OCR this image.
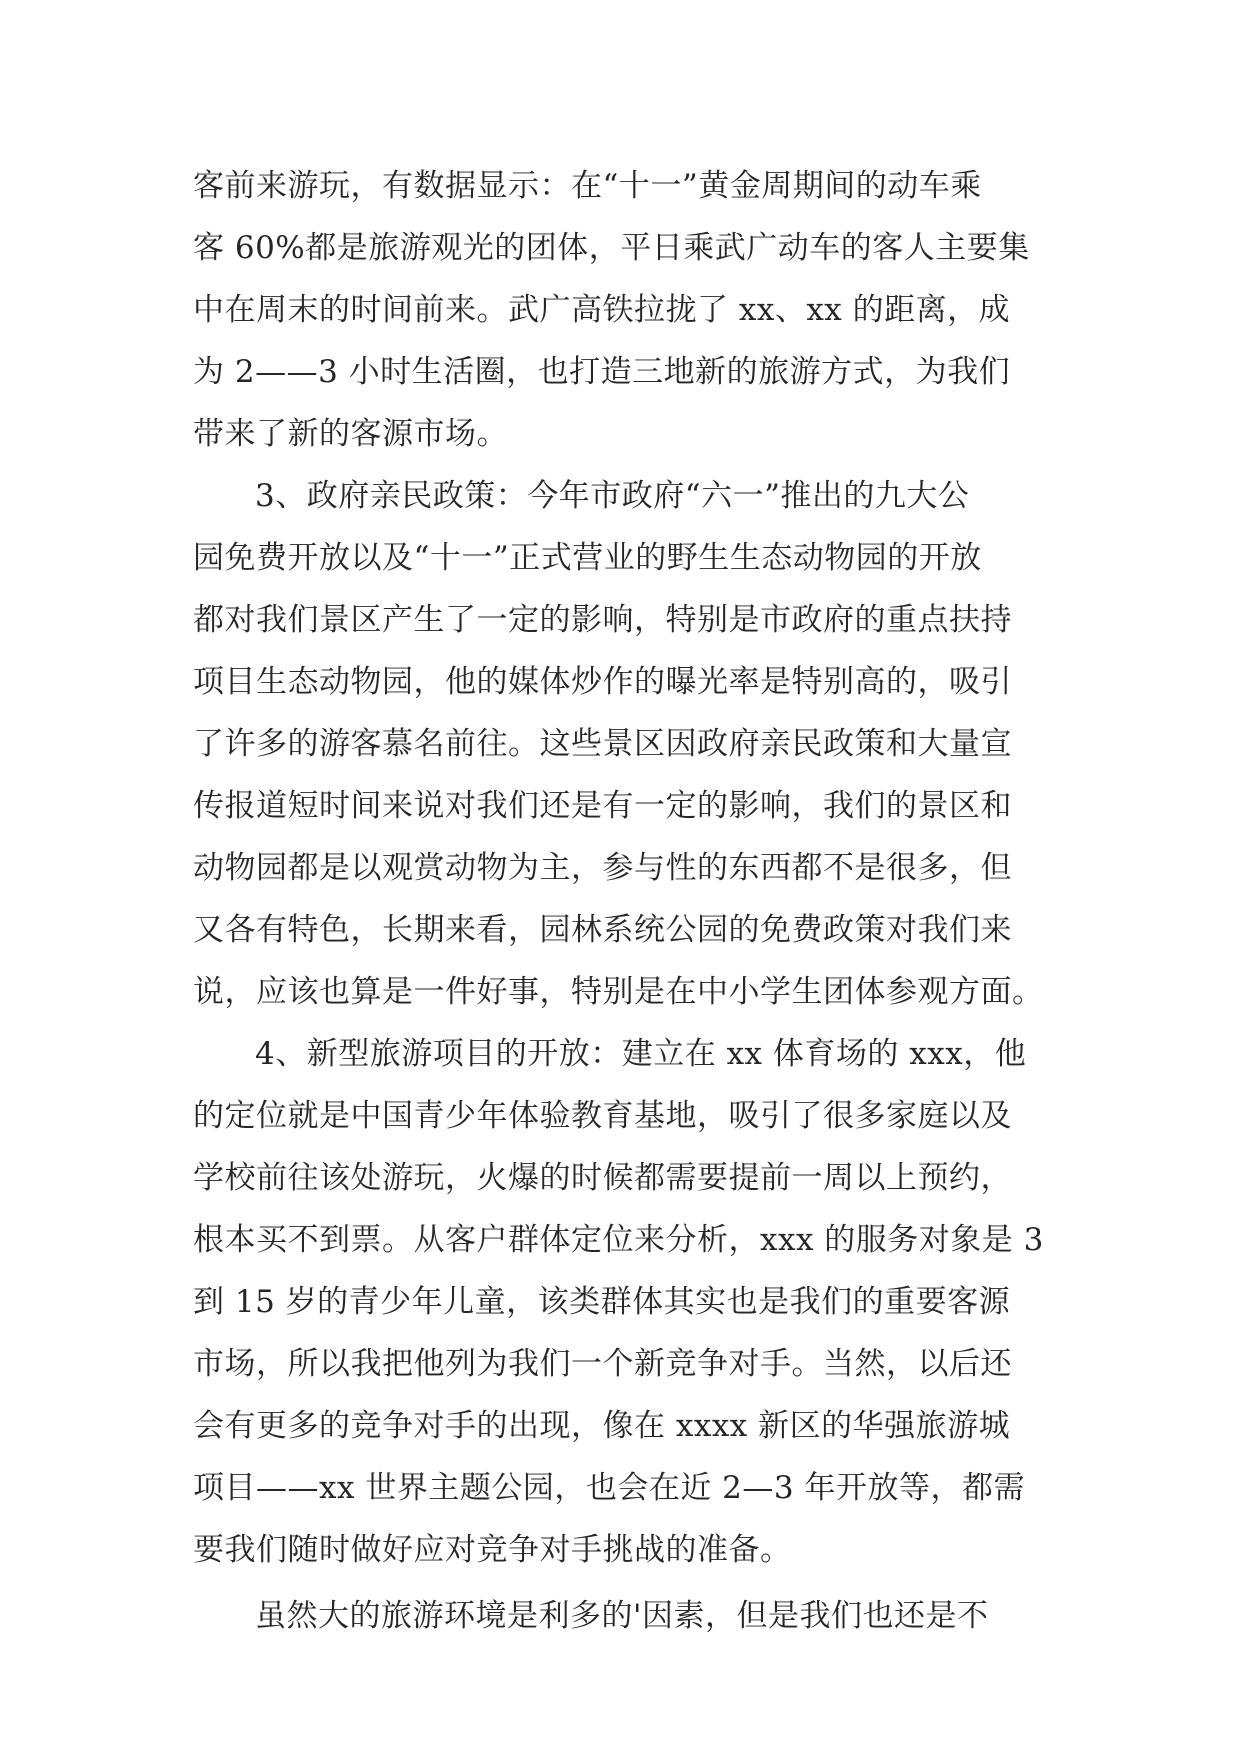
客前来游玩，有数据显示：在“十一”黄金周期间的动车乘
客 60%都是旅游观光的团体，平日乘武广动车的客人主要集
中在周末的时间前来。武广高铁拉拢了 xx、xx 的距离，成
为 2——3 小时生活圈，也打造三地新的旅游方式，为我们
带来了新的客源市场。
3、政府亲民政策：今年市政府“六一”推出的九大公
园免费开放以及“十一”正式营业的野生生态动物园的开放
都对我们景区产生了一定的影响，特别是市政府的重点扶持
项目生态动物园，他的媒体炒作的曝光率是特别高的，吸引
了许多的游客慕名前往。这些景区因政府亲民政策和大量宣
传报道短时间来说对我们还是有一定的影响，我们的景区和
动物园都是以观赏动物为主，参与性的东西都不是很多，但
又各有特色，长期来看，园林系统公园的免费政策对我们来
说，应该也算是一件好事，特别是在中小学生团体参观方面。
4、新型旅游项目的开放：建立在 xx 体育场的 xxx，他
的定位就是中国青少年体验教育基地，吸引了很多家庭以及
学校前往该处游玩，火爆的时候都需要提前一周以上预约，
根本买不到票。从客户群体定位来分析，xxx 的服务对象是 3
到 15 岁的青少年儿童，该类群体其实也是我们的重要客源
市场，所以我把他列为我们一个新竞争对手。当然，以后还
会有更多的竞争对手的出现，像在 xxxx 新区的华强旅游城
项目——xx 世界主题公园，也会在近 2—3 年开放等，都需
要我们随时做好应对竞争对手挑战的准备。
虽然大的旅游环境是利多的'因素，但是我们也还是不
